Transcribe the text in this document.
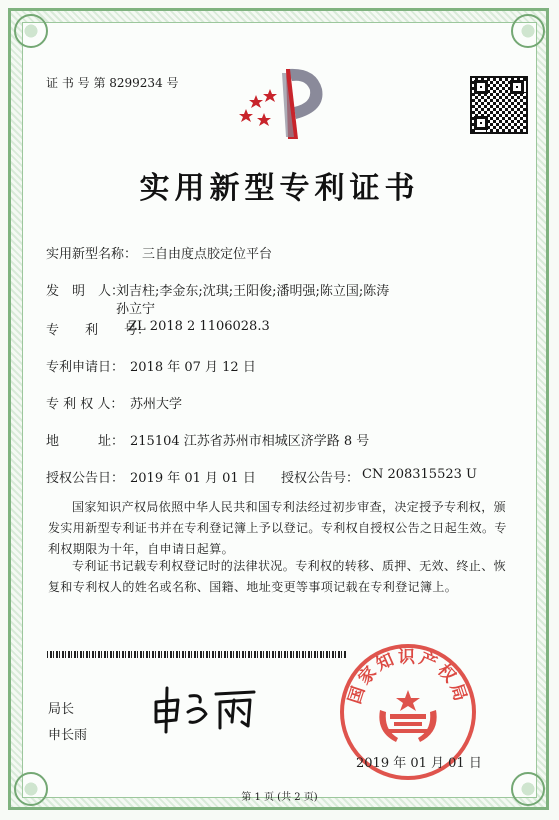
证 书 号 第 8299234 号
实用新型专利证书
实用新型名称： 三自由度点胶定位平台
发　明　人：
刘吉柱;李金东;沈琪;王阳俊;潘明强;陈立国;陈涛
孙立宁
专　　利　　号：
ZL 2018 2 1106028.3
专利申请日： 2018 年 07 月 12 日
专 利 权 人： 苏州大学
地　　　址： 215104 江苏省苏州市相城区济学路 8 号
授权公告日： 2019 年 01 月 01 日 授权公告号： CN 208315523 U
国家知识产权局依照中华人民共和国专利法经过初步审查，决定授予专利权，颁发实用新型专利证书并在专利登记簿上予以登记。专利权自授权公告之日起生效。专利权期限为十年，自申请日起算。
专利证书记载专利权登记时的法律状况。专利权的转移、质押、无效、终止、恢复和专利权人的姓名或名称、国籍、地址变更等事项记载在专利登记簿上。
局长
申长雨
国家知识产权局
2019 年 01 月 01 日
第 1 页 (共 2 页)
